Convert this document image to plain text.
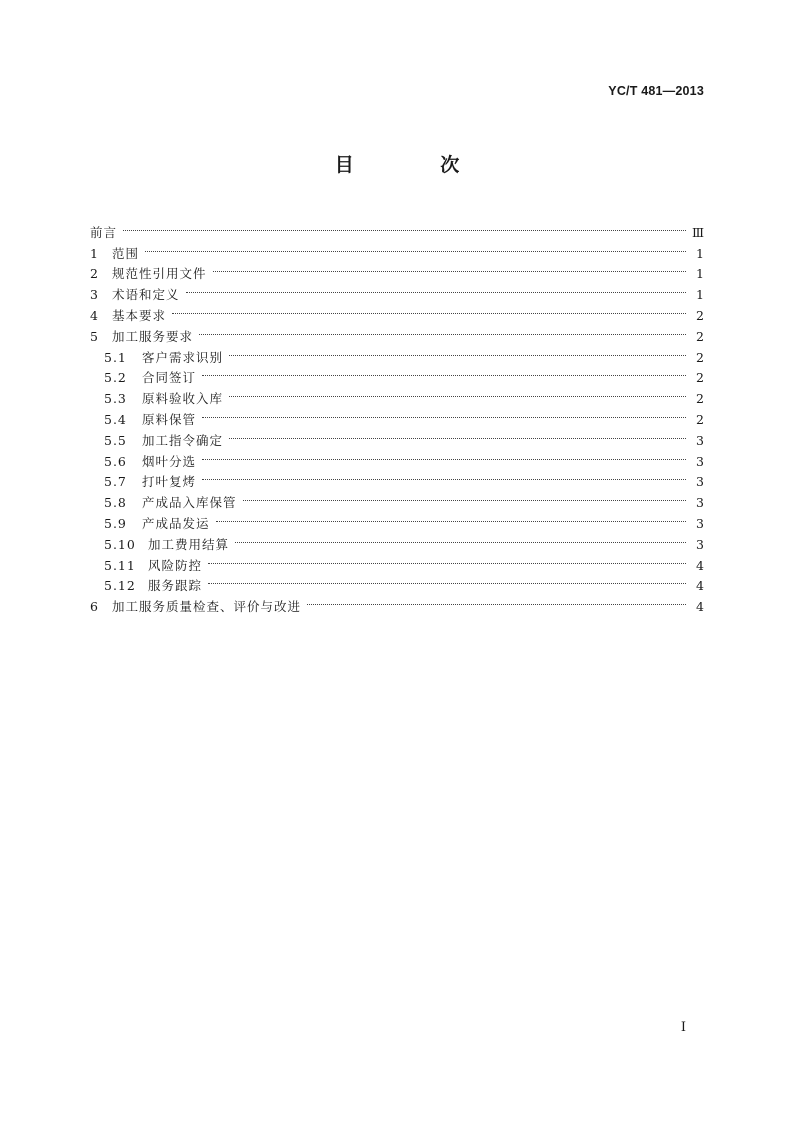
YC/T 481—2013
目 次
前言	Ⅲ
1	范围	1
2	规范性引用文件	1
3	术语和定义	1
4	基本要求	2
5	加工服务要求	2
5.1	客户需求识别	2
5.2	合同签订	2
5.3	原料验收入库	2
5.4	原料保管	2
5.5	加工指令确定	3
5.6	烟叶分选	3
5.7	打叶复烤	3
5.8	产成品入库保管	3
5.9	产成品发运	3
5.10 加工费用结算	3
5.11 风险防控	4
5.12 服务跟踪	4
6	加工服务质量检查、评价与改进	4
I
